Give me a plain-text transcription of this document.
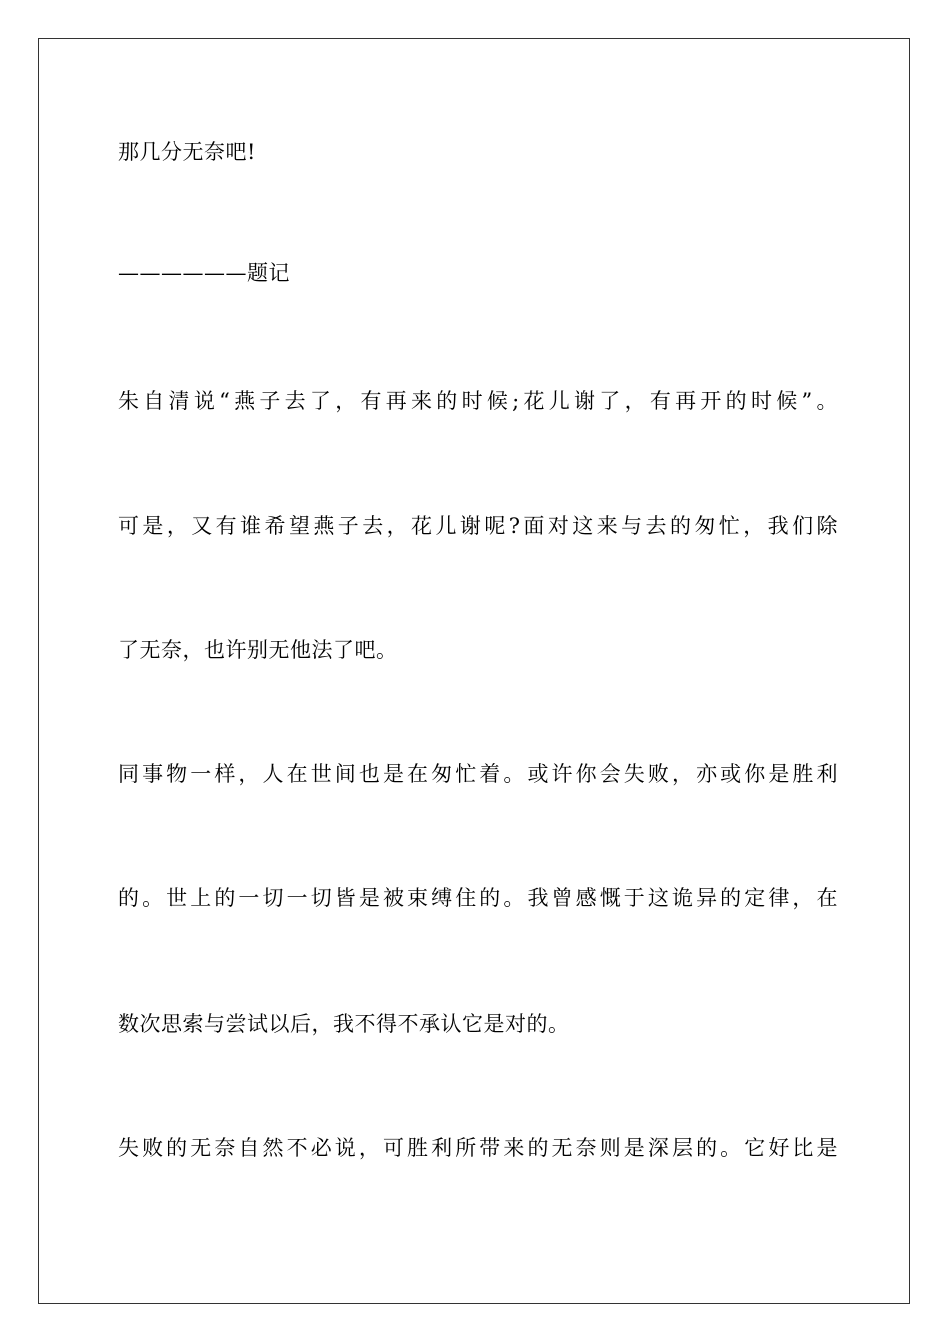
那几分无奈吧!
——————题记
朱自清说“燕子去了，有再来的时候;花儿谢了，有再开的时候”。
可是，又有谁希望燕子去，花儿谢呢?面对这来与去的匆忙，我们除
了无奈，也许别无他法了吧。
同事物一样，人在世间也是在匆忙着。或许你会失败，亦或你是胜利
的。世上的一切一切皆是被束缚住的。我曾感慨于这诡异的定律，在
数次思索与尝试以后，我不得不承认它是对的。
失败的无奈自然不必说，可胜利所带来的无奈则是深层的。它好比是
